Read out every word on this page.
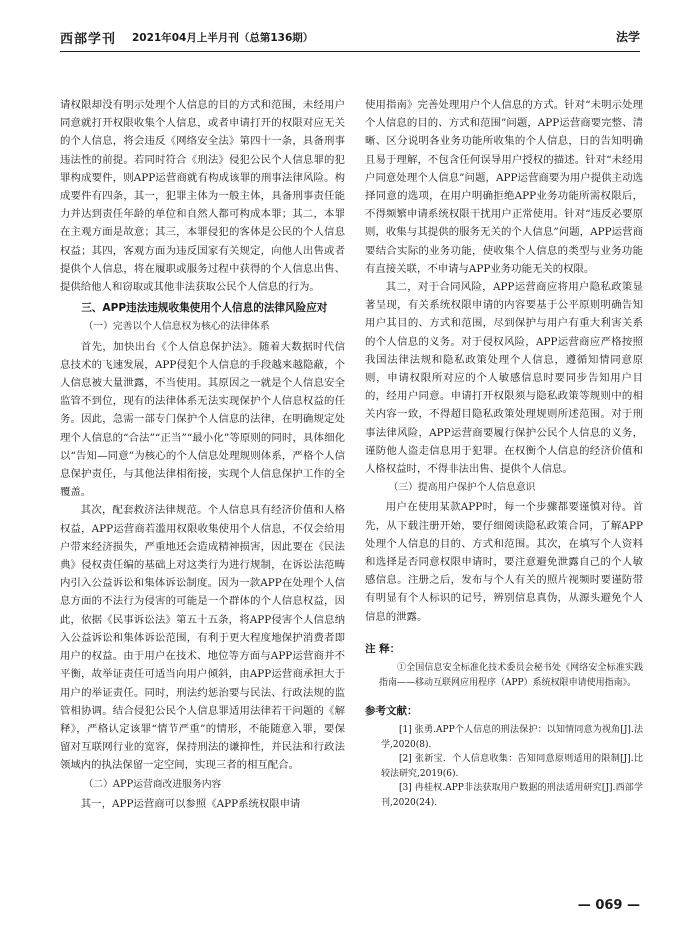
西部学刊 2021年04月上半月刊（总第136期）	法学

请权限却没有明示处理个人信息的目的方式和范围，未经用户同意就打开权限收集个人信息，或者申请打开的权限对应无关的个人信息，将会违反《网络安全法》第四十一条，具备刑事违法性的前提。若同时符合《刑法》侵犯公民个人信息罪的犯罪构成要件，则APP运营商就有构成该罪的刑事法律风险。构成要件有四条，其一，犯罪主体为一般主体，具备刑事责任能力并达到责任年龄的单位和自然人都可构成本罪；其二，本罪在主观方面是故意；其三，本罪侵犯的客体是公民的个人信息权益；其四，客观方面为违反国家有关规定，向他人出售或者提供个人信息，将在履职或服务过程中获得的个人信息出售、提供给他人和窃取或其他非法获取公民个人信息的行为。

三、APP违法违规收集使用个人信息的法律风险应对
（一）完善以个人信息权为核心的法律体系

首先，加快出台《个人信息保护法》。随着大数据时代信息技术的飞速发展，APP侵犯个人信息的手段越来越隐蔽，个人信息被大量泄露，不当使用。其原因之一就是个人信息安全监管不到位，现有的法律体系无法实现保护个人信息权益的任务。因此，急需一部专门保护个人信息的法律，在明确规定处理个人信息的“合法”“正当”“最小化”等原则的同时，具体细化以“告知—同意”为核心的个人信息处理规则体系，严格个人信息保护责任，与其他法律相衔接，实现个人信息保护工作的全覆盖。

其次，配套救济法律规范。个人信息具有经济价值和人格权益，APP运营商若滥用权限收集使用个人信息，不仅会给用户带来经济损失，严重地还会造成精神损害，因此要在《民法典》侵权责任编的基础上对这类行为进行规制，在诉讼法范畴内引入公益诉讼和集体诉讼制度。因为一款APP在处理个人信息方面的不法行为侵害的可能是一个群体的个人信息权益，因此，依据《民事诉讼法》第五十五条，将APP侵害个人信息纳入公益诉讼和集体诉讼范围，有利于更大程度地保护消费者即用户的权益。由于用户在技术、地位等方面与APP运营商并不平衡，故举证责任可适当向用户倾斜，由APP运营商承担大于用户的举证责任。同时，刑法约惩治要与民法、行政法规的监管相协调。结合侵犯公民个人信息罪适用法律若干问题的《解释》，严格认定该罪“情节严重”的情形，不能随意入罪，要保留对互联网行业的宽容，保持刑法的谦抑性，并民法和行政法领域内的执法保留一定空间，实现三者的相互配合。

（二）APP运营商改进服务内容

其一，APP运营商可以参照《APP系统权限申请

使用指南》完善处理用户个人信息的方式。针对“未明示处理个人信息的目的、方式和范围”问题，APP运营商要完整、清晰、区分说明各业务功能所收集的个人信息，日的告知明确且易于理解，不包含任何误导用户授权的描述。针对“未经用户同意处理个人信息”问题，APP运营商要为用户提供主动选择同意的选项，在用户明确拒绝APP业务功能所需权限后，不得频繁申请系统权限干扰用户正常使用。针对“违反必要原则，收集与其提供的服务无关的个人信息”问题，APP运营商要结合实际的业务功能，使收集个人信息的类型与业务功能有直接关联，不申请与APP业务功能无关的权限。

其二，对于合同风险，APP运营商应将用户隐私政策显著呈现，有关系统权限申请的内容要基于公平原则明确告知用户其目的、方式和范围，尽到保护与用户有重大利害关系的个人信息的义务。对于侵权风险，APP运营商应严格按照我国法律法规和隐私政策处理个人信息，遵循知情同意原则，申请权限所对应的个人敏感信息时要同步告知用户目的，经用户同意。申请打开权限须与隐私政策等规则中的相关内容一致，不得超目隐私政策处理规则所述范围。对于刑事法律风险，APP运营商要履行保护公民个人信息的义务，谨防他人盗走信息用于犯罪。在权衡个人信息的经济价值和人格权益时，不得非法出售、提供个人信息。

（三）提高用户保护个人信息意识

用户在使用某款APP时，每一个步骤都要谨慎对待。首先，从下载注册开始，要仔细阅读隐私政策合同，了解APP处理个人信息的目的、方式和范围。其次，在填写个人资料和选择是否同意权限申请时，要注意避免泄露自己的个人敏感信息。注册之后，发布与个人有关的照片视频时要谨防带有明显有个人标识的记号，辨别信息真伪，从源头避免个人信息的泄露。

注 释：

①全国信息安全标准化技术委员会秘书处《网络安全标准实践指南——移动互联网应用程序（APP）系统权限申请使用指南》。

参考文献：

[1] 张勇.APP个人信息的刑法保护：以知情同意为视角[J].法学,2020(8).

[2] 张新宝．个人信息收集：告知同意原则适用的限制[J].比较法研究,2019(6).

[3] 冉桂权.APP非法获取用户数据的刑法适用研究[J].西部学刊,2020(24).

— 069 —
